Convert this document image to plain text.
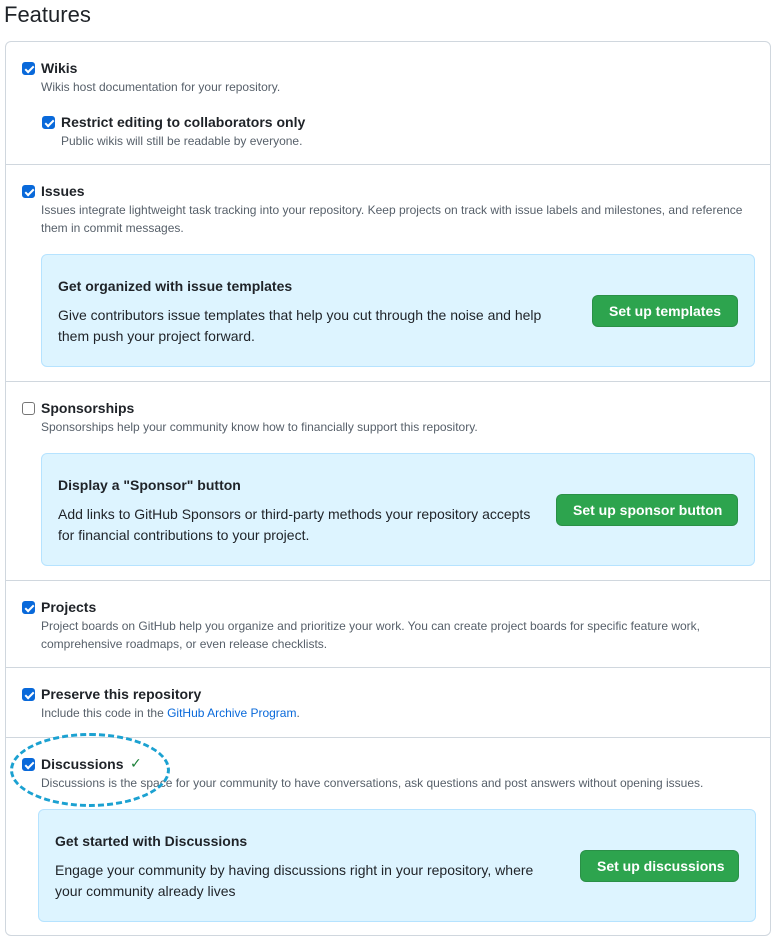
Features
Wikis
Wikis host documentation for your repository.
Restrict editing to collaborators only
Public wikis will still be readable by everyone.
Issues
Issues integrate lightweight task tracking into your repository. Keep projects on track with issue labels and milestones, and reference them in commit messages.
Get organized with issue templates
Give contributors issue templates that help you cut through the noise and help them push your project forward.
Set up templates
Sponsorships
Sponsorships help your community know how to financially support this repository.
Display a "Sponsor" button
Add links to GitHub Sponsors or third-party methods your repository accepts for financial contributions to your project.
Set up sponsor button
Projects
Project boards on GitHub help you organize and prioritize your work. You can create project boards for specific feature work, comprehensive roadmaps, or even release checklists.
Preserve this repository
Include this code in the GitHub Archive Program.
Discussions ✓
Discussions is the space for your community to have conversations, ask questions and post answers without opening issues.
Get started with Discussions
Engage your community by having discussions right in your repository, where your community already lives
Set up discussions
